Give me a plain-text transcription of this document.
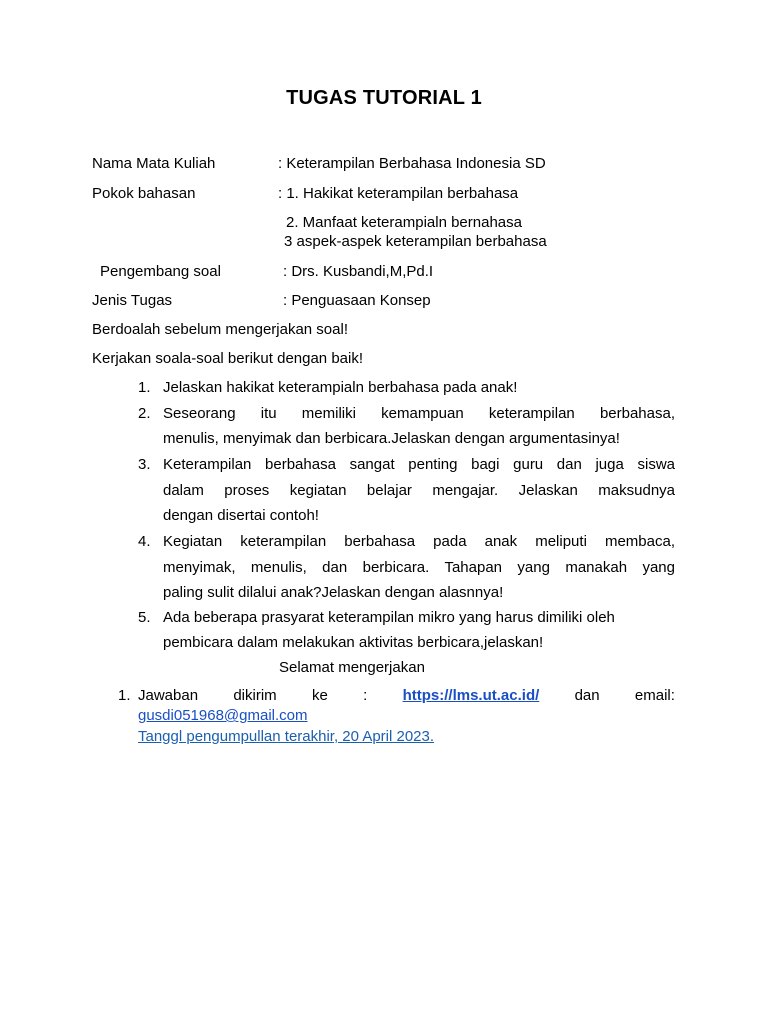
TUGAS TUTORIAL 1
Nama Mata Kuliah	: Keterampilan Berbahasa Indonesia SD
Pokok bahasan	: 1. Hakikat keterampilan berbahasa
2. Manfaat keterampialn bernahasa
3 aspek-aspek keterampilan berbahasa
Pengembang soal	: Drs. Kusbandi,M,Pd.I
Jenis Tugas	: Penguasaan Konsep
Berdoalah sebelum mengerjakan soal!
Kerjakan soala-soal berikut dengan baik!
1. Jelaskan hakikat keterampialn berbahasa pada anak!
2. Seseorang itu memiliki kemampuan keterampilan berbahasa,
menulis, menyimak dan berbicara.Jelaskan dengan argumentasinya!
3. Keterampilan berbahasa sangat penting bagi guru dan juga siswa
dalam proses kegiatan belajar mengajar. Jelaskan maksudnya
dengan disertai contoh!
4. Kegiatan keterampilan berbahasa pada anak meliputi membaca,
menyimak, menulis, dan berbicara. Tahapan yang manakah yang
paling sulit dilalui anak?Jelaskan dengan alasnnya!
5. Ada beberapa prasyarat keterampilan mikro yang harus dimiliki oleh
pembicara dalam melakukan aktivitas berbicara,jelaskan!
Selamat mengerjakan
1. Jawaban dikirim ke : https://lms.ut.ac.id/ dan email:
gusdi051968@gmail.com
Tanggl pengumpullan terakhir, 20 April 2023.
